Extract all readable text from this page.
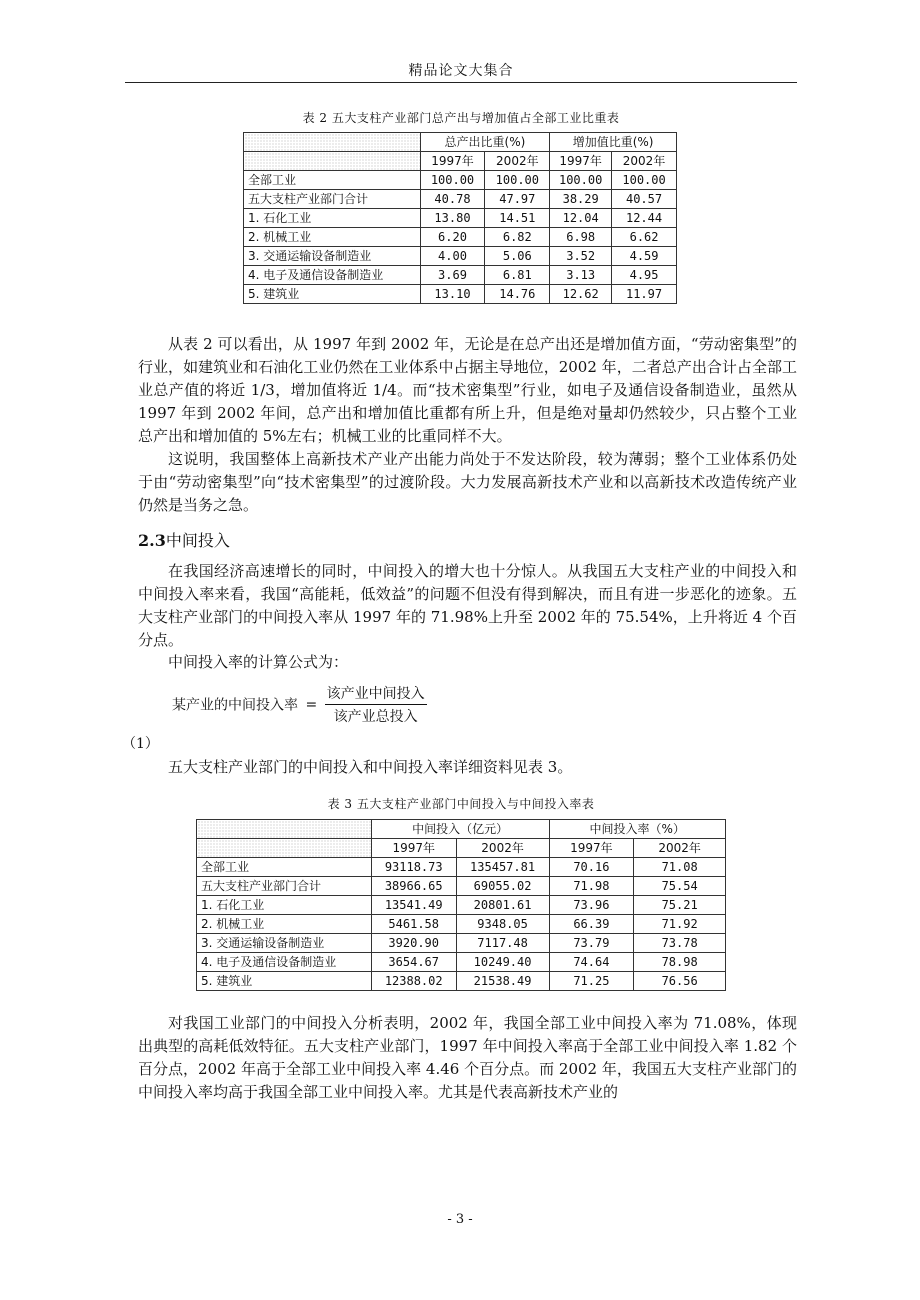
精品论文大集合
表 2 五大支柱产业部门总产出与增加值占全部工业比重表
	总产出比重(%)		增加值比重(%)	
	1997年	2002年	1997年	2002年
全部工业	100.00	100.00	100.00	100.00
五大支柱产业部门合计	40.78	47.97	38.29	40.57
1. 石化工业	13.80	14.51	12.04	12.44
2. 机械工业	6.20	6.82	6.98	6.62
3. 交通运输设备制造业	4.00	5.06	3.52	4.59
4. 电子及通信设备制造业	3.69	6.81	3.13	4.95
5. 建筑业	13.10	14.76	12.62	11.97
从表 2 可以看出，从 1997 年到 2002 年，无论是在总产出还是增加值方面，“劳动密集型”的行业，如建筑业和石油化工业仍然在工业体系中占据主导地位，2002 年，二者总产出合计占全部工业总产值的将近 1/3，增加值将近 1/4。而“技术密集型”行业，如电子及通信设备制造业，虽然从 1997 年到 2002 年间，总产出和增加值比重都有所上升，但是绝对量却仍然较少，只占整个工业总产出和增加值的 5%左右；机械工业的比重同样不大。
这说明，我国整体上高新技术产业产出能力尚处于不发达阶段，较为薄弱；整个工业体系仍处于由“劳动密集型”向“技术密集型”的过渡阶段。大力发展高新技术产业和以高新技术改造传统产业仍然是当务之急。
2.3中间投入
在我国经济高速增长的同时，中间投入的增大也十分惊人。从我国五大支柱产业的中间投入和中间投入率来看，我国“高能耗，低效益”的问题不但没有得到解决，而且有进一步恶化的迹象。五大支柱产业部门的中间投入率从 1997 年的 71.98%上升至 2002 年的 75.54%，上升将近 4 个百分点。
中间投入率的计算公式为：
某产业的中间投入率 = $\frac{\text{该产业中间投入}}{\text{该产业总投入}}$
（1）
五大支柱产业部门的中间投入和中间投入率详细资料见表 3。
表 3 五大支柱产业部门中间投入与中间投入率表
	中间投入（亿元）		中间投入率（%）	
	1997年	2002年	1997年	2002年
全部工业	93118.73	135457.81	70.16	71.08
五大支柱产业部门合计	38966.65	69055.02	71.98	75.54
1. 石化工业	13541.49	20801.61	73.96	75.21
2. 机械工业	5461.58	9348.05	66.39	71.92
3. 交通运输设备制造业	3920.90	7117.48	73.79	73.78
4. 电子及通信设备制造业	3654.67	10249.40	74.64	78.98
5. 建筑业	12388.02	21538.49	71.25	76.56
对我国工业部门的中间投入分析表明，2002 年，我国全部工业中间投入率为 71.08%，体现出典型的高耗低效特征。五大支柱产业部门，1997 年中间投入率高于全部工业中间投入率 1.82 个百分点，2002 年高于全部工业中间投入率 4.46 个百分点。而 2002 年，我国五大支柱产业部门的中间投入率均高于我国全部工业中间投入率。尤其是代表高新技术产业的
- 3 -
